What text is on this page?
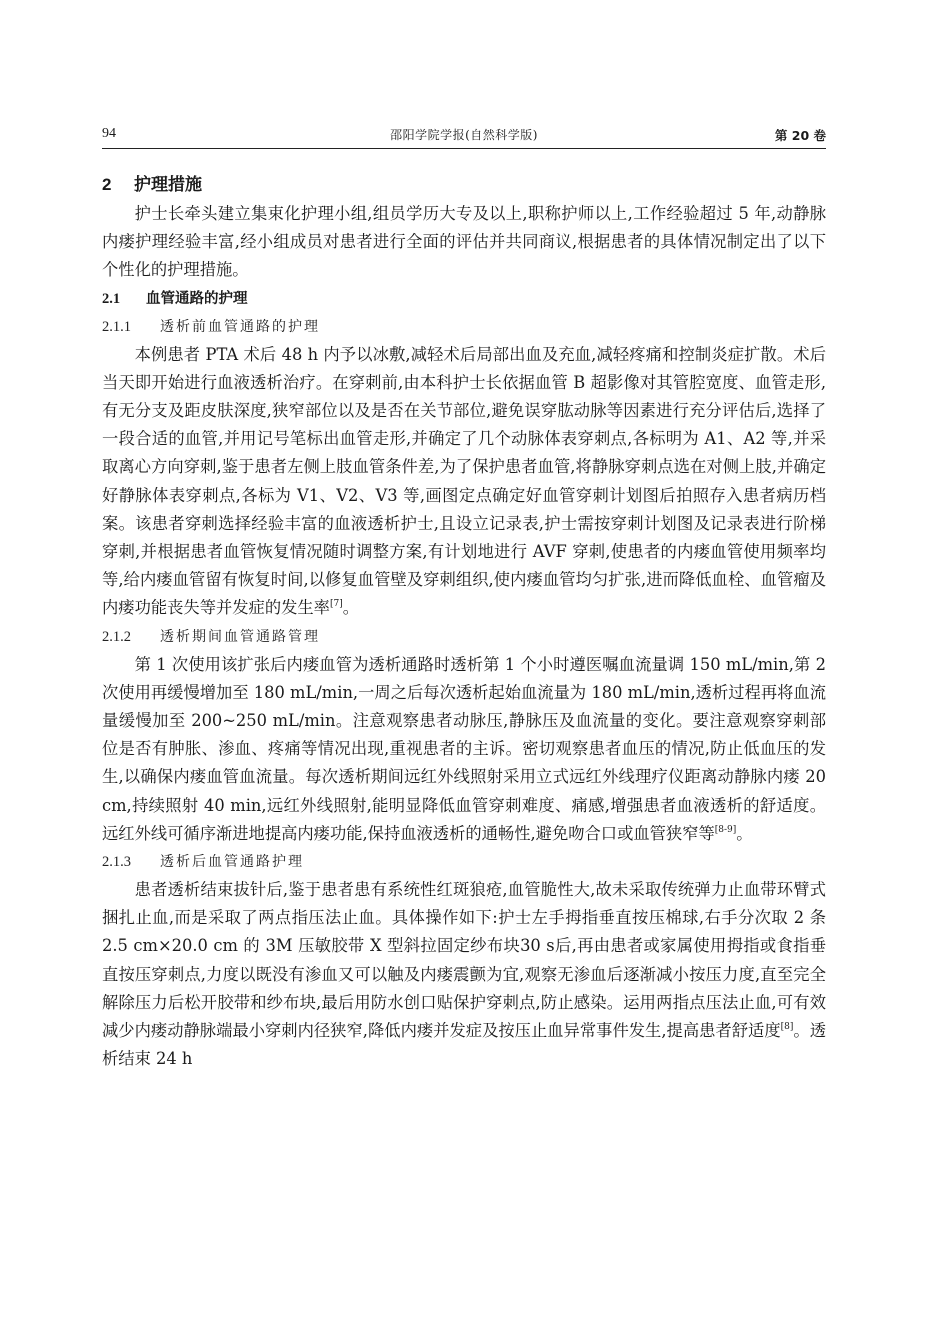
94	邵阳学院学报(自然科学版)	第 20 卷
2 护理措施

护士长牵头建立集束化护理小组,组员学历大专及以上,职称护师以上,工作经验超过 5 年,动静脉内瘘护理经验丰富,经小组成员对患者进行全面的评估并共同商议,根据患者的具体情况制定出了以下个性化的护理措施。

2.1 血管通路的护理
2.1.1 透析前血管通路的护理

本例患者 PTA 术后 48 h 内予以冰敷,减轻术后局部出血及充血,减轻疼痛和控制炎症扩散。术后当天即开始进行血液透析治疗。在穿刺前,由本科护士长依据血管 B 超影像对其管腔宽度、血管走形,有无分支及距皮肤深度,狭窄部位以及是否在关节部位,避免误穿肱动脉等因素进行充分评估后,选择了一段合适的血管,并用记号笔标出血管走形,并确定了几个动脉体表穿刺点,各标明为 A1、A2 等,并采取离心方向穿刺,鉴于患者左侧上肢血管条件差,为了保护患者血管,将静脉穿刺点选在对侧上肢,并确定好静脉体表穿刺点,各标为 V1、V2、V3 等,画图定点确定好血管穿刺计划图后拍照存入患者病历档案。该患者穿刺选择经验丰富的血液透析护士,且设立记录表,护士需按穿刺计划图及记录表进行阶梯穿刺,并根据患者血管恢复情况随时调整方案,有计划地进行 AVF 穿刺,使患者的内瘘血管使用频率均等,给内瘘血管留有恢复时间,以修复血管壁及穿刺组织,使内瘘血管均匀扩张,进而降低血栓、血管瘤及内瘘功能丧失等并发症的发生率[7]。

2.1.2 透析期间血管通路管理

第 1 次使用该扩张后内瘘血管为透析通路时透析第 1 个小时遵医嘱血流量调 150 mL/min,第 2 次使用再缓慢增加至 180 mL/min,一周之后每次透析起始血流量为 180 mL/min,透析过程再将血流量缓慢加至 200~250 mL/min。注意观察患者动脉压,静脉压及血流量的变化。要注意观察穿刺部位是否有肿胀、渗血、疼痛等情况出现,重视患者的主诉。密切观察患者血压的情况,防止低血压的发生,以确保内瘘血管血流量。每次透析期间远红外线照射采用立式远红外线理疗仪距离动静脉内瘘 20 cm,持续照射 40 min,远红外线照射,能明显降低血管穿刺难度、痛感,增强患者血液透析的舒适度。远红外线可循序渐进地提高内瘘功能,保持血液透析的通畅性,避免吻合口或血管狭窄等[8-9]。

2.1.3 透析后血管通路护理

患者透析结束拔针后,鉴于患者患有系统性红斑狼疮,血管脆性大,故未采取传统弹力止血带环臂式捆扎止血,而是采取了两点指压法止血。具体操作如下:护士左手拇指垂直按压棉球,右手分次取 2 条 2.5 cm×20.0 cm 的 3M 压敏胶带 X 型斜拉固定纱布块30 s后,再由患者或家属使用拇指或食指垂直按压穿刺点,力度以既没有渗血又可以触及内瘘震颤为宜,观察无渗血后逐渐减小按压力度,直至完全解除压力后松开胶带和纱布块,最后用防水创口贴保护穿刺点,防止感染。运用两指点压法止血,可有效减少内瘘动静脉端最小穿刺内径狭窄,降低内瘘并发症及按压止血异常事件发生,提高患者舒适度[8]。透析结束 24 h
